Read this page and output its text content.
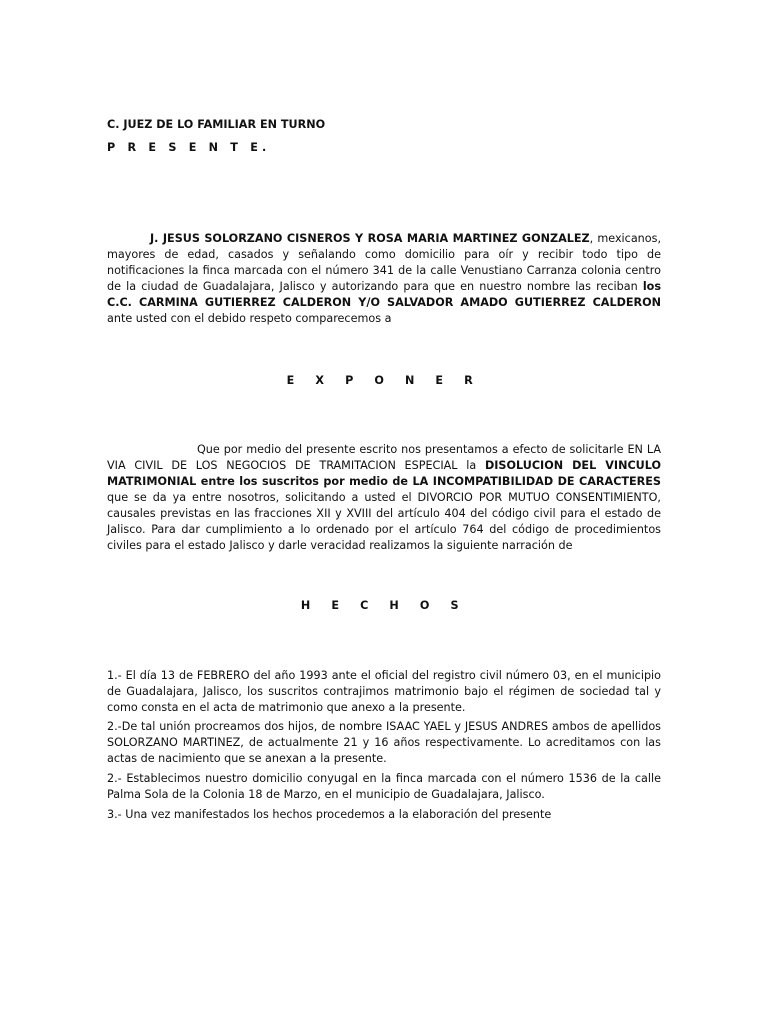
C. JUEZ DE LO FAMILIAR EN TURNO

P R E S E N T E.

J. JESUS SOLORZANO CISNEROS Y ROSA MARIA MARTINEZ GONZALEZ, mexicanos, mayores de edad, casados y señalando como domicilio para oír y recibir todo tipo de notificaciones la finca marcada con el número 341 de la calle Venustiano Carranza colonia centro de la ciudad de Guadalajara, Jalisco y autorizando para que en nuestro nombre las reciban los C.C. CARMINA GUTIERREZ CALDERON Y/O SALVADOR AMADO GUTIERREZ CALDERON ante usted con el debido respeto comparecemos a

E X P O N E R

Que por medio del presente escrito nos presentamos a efecto de solicitarle EN LA VIA CIVIL DE LOS NEGOCIOS DE TRAMITACION ESPECIAL la DISOLUCION DEL VINCULO MATRIMONIAL entre los suscritos por medio de LA INCOMPATIBILIDAD DE CARACTERES que se da ya entre nosotros, solicitando a usted el DIVORCIO POR MUTUO CONSENTIMIENTO, causales previstas en las fracciones XII y XVIII del artículo 404 del código civil para el estado de Jalisco. Para dar cumplimiento a lo ordenado por el artículo 764 del código de procedimientos civiles para el estado Jalisco y darle veracidad realizamos la siguiente narración de

H E C H O S

1.- El día 13 de FEBRERO del año 1993 ante el oficial del registro civil número 03, en el municipio de Guadalajara, Jalisco, los suscritos contrajimos matrimonio bajo el régimen de sociedad tal y como consta en el acta de matrimonio que anexo a la presente.

2.-De tal unión procreamos dos hijos, de nombre ISAAC YAEL y JESUS ANDRES ambos de apellidos SOLORZANO MARTINEZ, de actualmente 21 y 16 años respectivamente. Lo acreditamos con las actas de nacimiento que se anexan a la presente.

2.- Establecimos nuestro domicilio conyugal en la finca marcada con el número 1536 de la calle Palma Sola de la Colonia 18 de Marzo, en el municipio de Guadalajara, Jalisco.

3.- Una vez manifestados los hechos procedemos a la elaboración del presente
